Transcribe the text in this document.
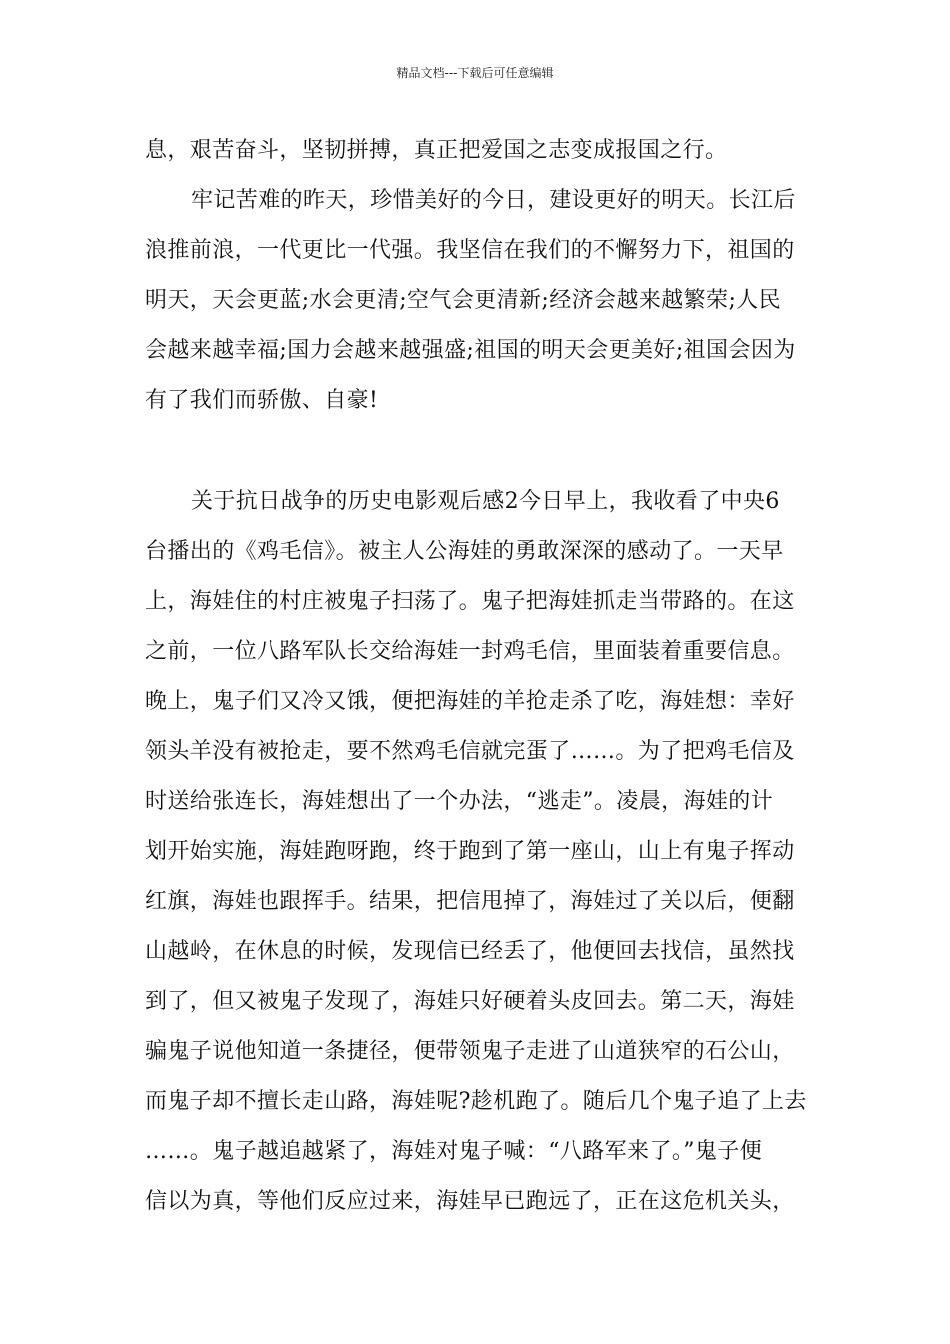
精品文档---下载后可任意编辑
息，艰苦奋斗，坚韧拼搏，真正把爱国之志变成报国之行。
牢记苦难的昨天，珍惜美好的今日，建设更好的明天。长江后
浪推前浪，一代更比一代强。我坚信在我们的不懈努力下，祖国的
明天，天会更蓝;水会更清;空气会更清新;经济会越来越繁荣;人民
会越来越幸福;国力会越来越强盛;祖国的明天会更美好;祖国会因为
有了我们而骄傲、自豪!
关于抗日战争的历史电影观后感2今日早上，我收看了中央6
台播出的《鸡毛信》。被主人公海娃的勇敢深深的感动了。一天早
上，海娃住的村庄被鬼子扫荡了。鬼子把海娃抓走当带路的。在这
之前，一位八路军队长交给海娃一封鸡毛信，里面装着重要信息。
晚上，鬼子们又冷又饿，便把海娃的羊抢走杀了吃，海娃想：幸好
领头羊没有被抢走，要不然鸡毛信就完蛋了……。为了把鸡毛信及
时送给张连长，海娃想出了一个办法，“逃走”。凌晨，海娃的计
划开始实施，海娃跑呀跑，终于跑到了第一座山，山上有鬼子挥动
红旗，海娃也跟挥手。结果，把信甩掉了，海娃过了关以后，便翻
山越岭，在休息的时候，发现信已经丢了，他便回去找信，虽然找
到了，但又被鬼子发现了，海娃只好硬着头皮回去。第二天，海娃
骗鬼子说他知道一条捷径，便带领鬼子走进了山道狭窄的石公山，
而鬼子却不擅长走山路，海娃呢?趁机跑了。随后几个鬼子追了上去
……。鬼子越追越紧了，海娃对鬼子喊：“八路军来了。”鬼子便
信以为真，等他们反应过来，海娃早已跑远了，正在这危机关头，
